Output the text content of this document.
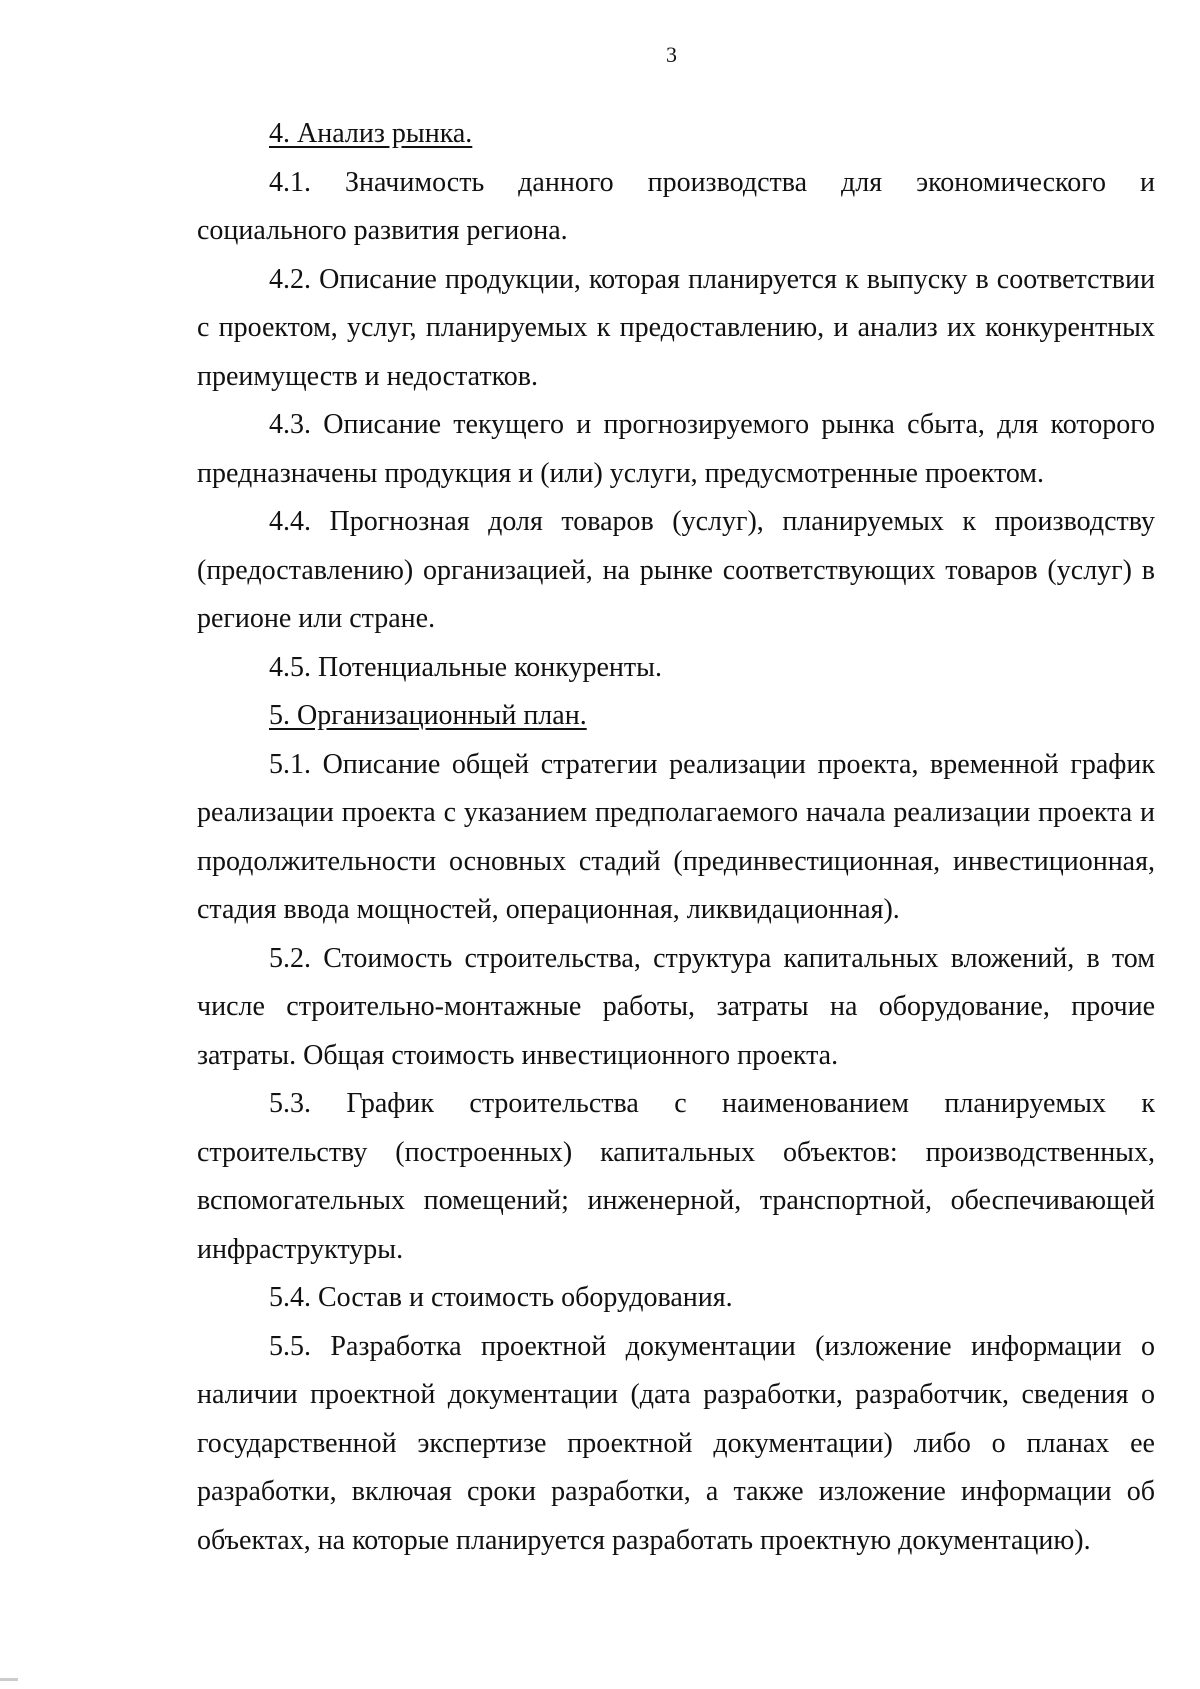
3

4. Анализ рынка.

4.1. Значимость данного производства для экономического и

социального развития региона.

4.2. Описание продукции, которая планируется к выпуску в соответствии с проектом, услуг, планируемых к предоставлению, и анализ их конкурентных преимуществ и недостатков.

4.3. Описание текущего и прогнозируемого рынка сбыта, для которого предназначены продукция и (или) услуги, предусмотренные проектом.

4.4. Прогнозная доля товаров (услуг), планируемых к производству (предоставлению) организацией, на рынке соответствующих товаров (услуг) в регионе или стране.

4.5. Потенциальные конкуренты.

5. Организационный план.

5.1. Описание общей стратегии реализации проекта, временной график реализации проекта с указанием предполагаемого начала реализации проекта и продолжительности основных стадий (прединвестиционная, инвестиционная, стадия ввода мощностей, операционная, ликвидационная).

5.2. Стоимость строительства, структура капитальных вложений, в том числе строительно-монтажные работы, затраты на оборудование, прочие затраты. Общая стоимость инвестиционного проекта.

5.3. График строительства с наименованием планируемых к строительству (построенных) капитальных объектов: производственных, вспомогательных помещений; инженерной, транспортной, обеспечивающей инфраструктуры.

5.4. Состав и стоимость оборудования.

5.5. Разработка проектной документации (изложение информации о наличии проектной документации (дата разработки, разработчик, сведения о государственной экспертизе проектной документации) либо о планах ее разработки, включая сроки разработки, а также изложение информации об объектах, на которые планируется разработать проектную документацию).
